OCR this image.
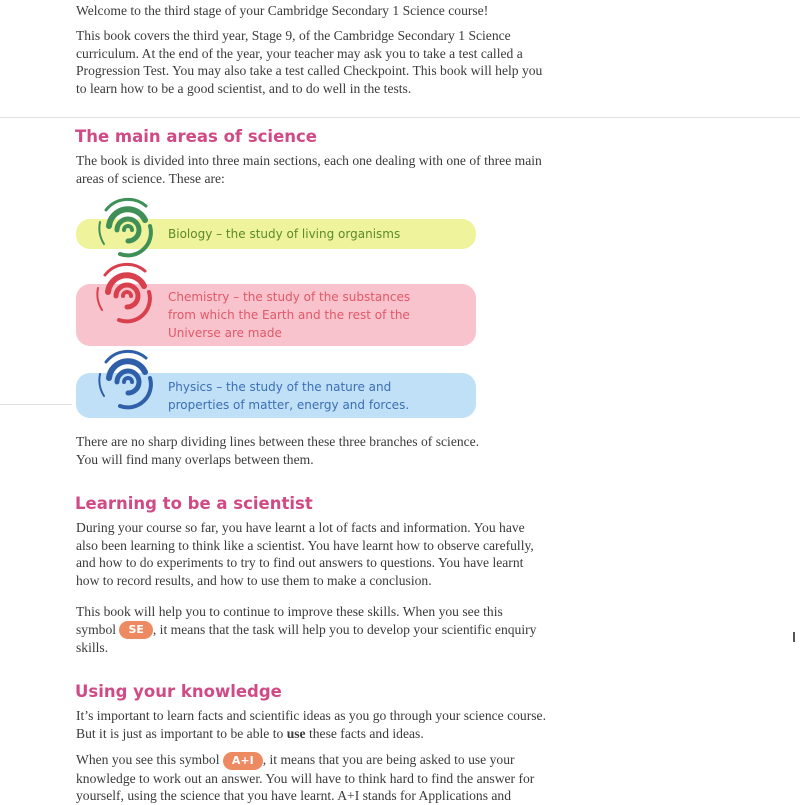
Welcome to the third stage of your Cambridge Secondary 1 Science course!

This book covers the third year, Stage 9, of the Cambridge Secondary 1 Science
curriculum. At the end of the year, your teacher may ask you to take a test called a
Progression Test. You may also take a test called Checkpoint. This book will help you
to learn how to be a good scientist, and to do well in the tests.
The main areas of science
The book is divided into three main sections, each one dealing with one of three main
areas of science. These are:
Biology – the study of living organisms
Chemistry – the study of the substances
from which the Earth and the rest of the
Universe are made
Physics – the study of the nature and
properties of matter, energy and forces.
There are no sharp dividing lines between these three branches of science.
You will find many overlaps between them.
Learning to be a scientist
During your course so far, you have learnt a lot of facts and information. You have
also been learning to think like a scientist. You have learnt how to observe carefully,
and how to do experiments to try to find out answers to questions. You have learnt
how to record results, and how to use them to make a conclusion.
This book will help you to continue to improve these skills. When you see this
symbol SE , it means that the task will help you to develop your scientific enquiry
skills.
Using your knowledge
It’s important to learn facts and scientific ideas as you go through your science course.
But it is just as important to be able to use these facts and ideas.
When you see this symbol A+I , it means that you are being asked to use your
knowledge to work out an answer. You will have to think hard to find the answer for
yourself, using the science that you have learnt. A+I stands for Applications and
